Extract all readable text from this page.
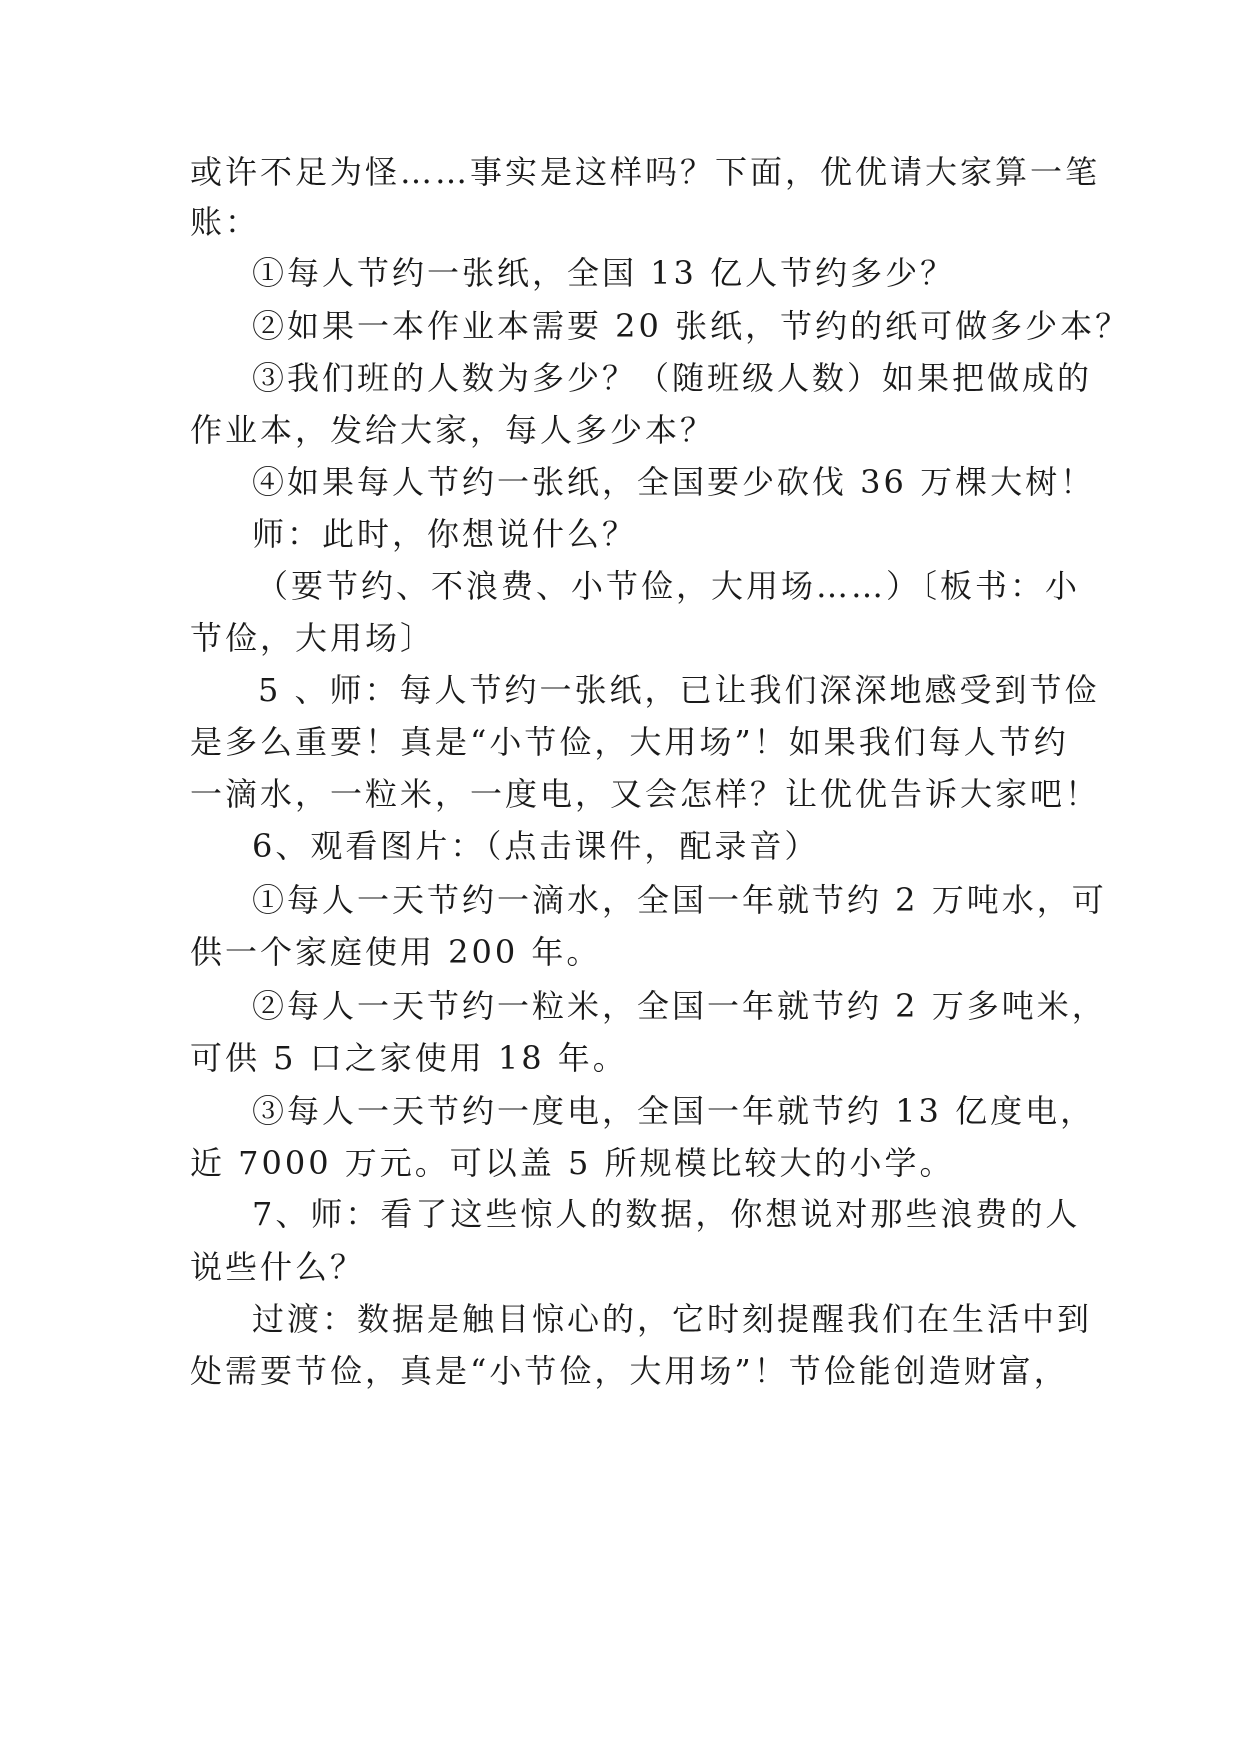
或许不足为怪……事实是这样吗？下面，优优请大家算一笔

账：

①每人节约一张纸，全国 13 亿人节约多少？

②如果一本作业本需要 20 张纸，节约的纸可做多少本？

③我们班的人数为多少？（随班级人数）如果把做成的

作业本，发给大家，每人多少本？

④如果每人节约一张纸，全国要少砍伐 36 万棵大树！

师：此时，你想说什么？

（要节约、不浪费、小节俭，大用场……）〔板书：小

节俭，大用场〕

5 、师：每人节约一张纸，已让我们深深地感受到节俭

是多么重要！真是“小节俭，大用场”！如果我们每人节约

一滴水，一粒米，一度电，又会怎样？让优优告诉大家吧！

6、观看图片：（点击课件，配录音）

①每人一天节约一滴水，全国一年就节约 2 万吨水，可

供一个家庭使用 200 年。

②每人一天节约一粒米，全国一年就节约 2 万多吨米，

可供 5 口之家使用 18 年。

③每人一天节约一度电，全国一年就节约 13 亿度电，

近 7000 万元。可以盖 5 所规模比较大的小学。

7、师：看了这些惊人的数据，你想说对那些浪费的人

说些什么？

过渡：数据是触目惊心的，它时刻提醒我们在生活中到

处需要节俭，真是“小节俭，大用场”！节俭能创造财富，
